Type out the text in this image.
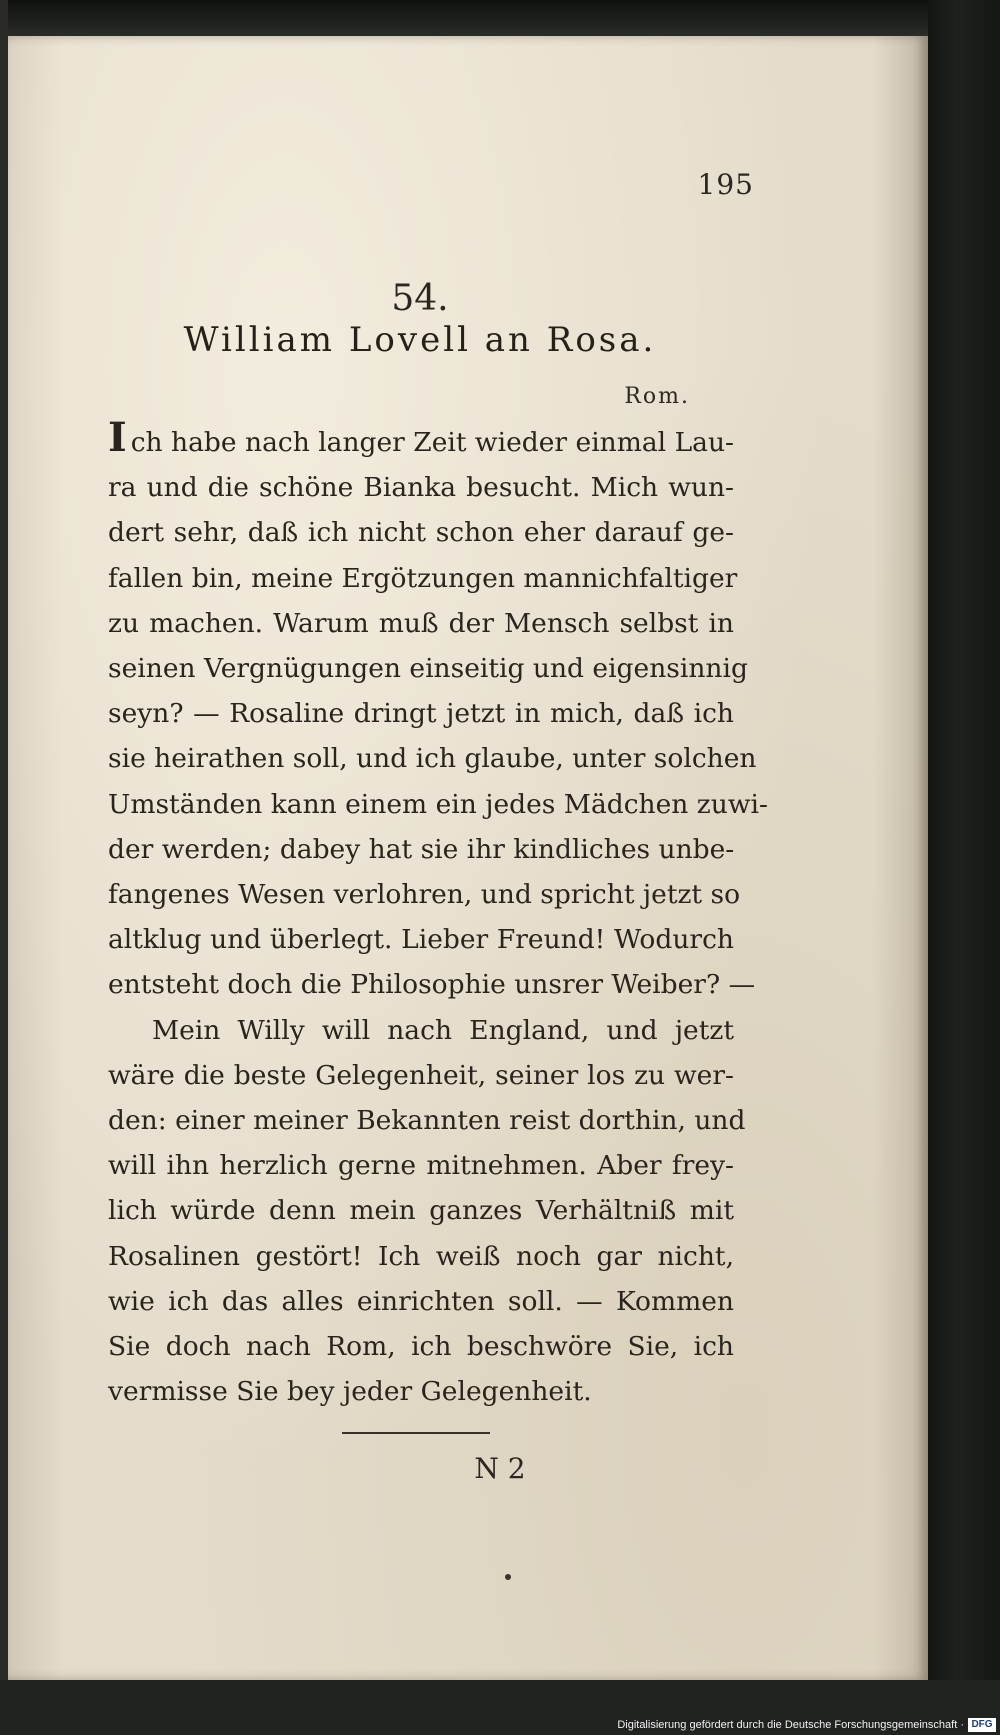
195
54.
William Lovell an Rosa.
Rom.
Ich habe nach langer Zeit wieder einmal Lau-
ra und die schöne Bianka besucht. Mich wun-
dert sehr, daß ich nicht schon eher darauf ge-
fallen bin, meine Ergötzungen mannichfaltiger
zu machen. Warum muß der Mensch selbst in
seinen Vergnügungen einseitig und eigensinnig
seyn? — Rosaline dringt jetzt in mich, daß ich
sie heirathen soll, und ich glaube, unter solchen
Umständen kann einem ein jedes Mädchen zuwi-
der werden; dabey hat sie ihr kindliches unbe-
fangenes Wesen verlohren, und spricht jetzt so
altklug und überlegt. Lieber Freund! Wodurch
entsteht doch die Philosophie unsrer Weiber? —
Mein Willy will nach England, und jetzt
wäre die beste Gelegenheit, seiner los zu wer-
den: einer meiner Bekannten reist dorthin, und
will ihn herzlich gerne mitnehmen. Aber frey-
lich würde denn mein ganzes Verhältniß mit
Rosalinen gestört! Ich weiß noch gar nicht,
wie ich das alles einrichten soll. — Kommen
Sie doch nach Rom, ich beschwöre Sie, ich
vermisse Sie bey jeder Gelegenheit.
N 2
Digitalisierung gefördert durch die Deutsche Forschungsgemeinschaft · DFG
